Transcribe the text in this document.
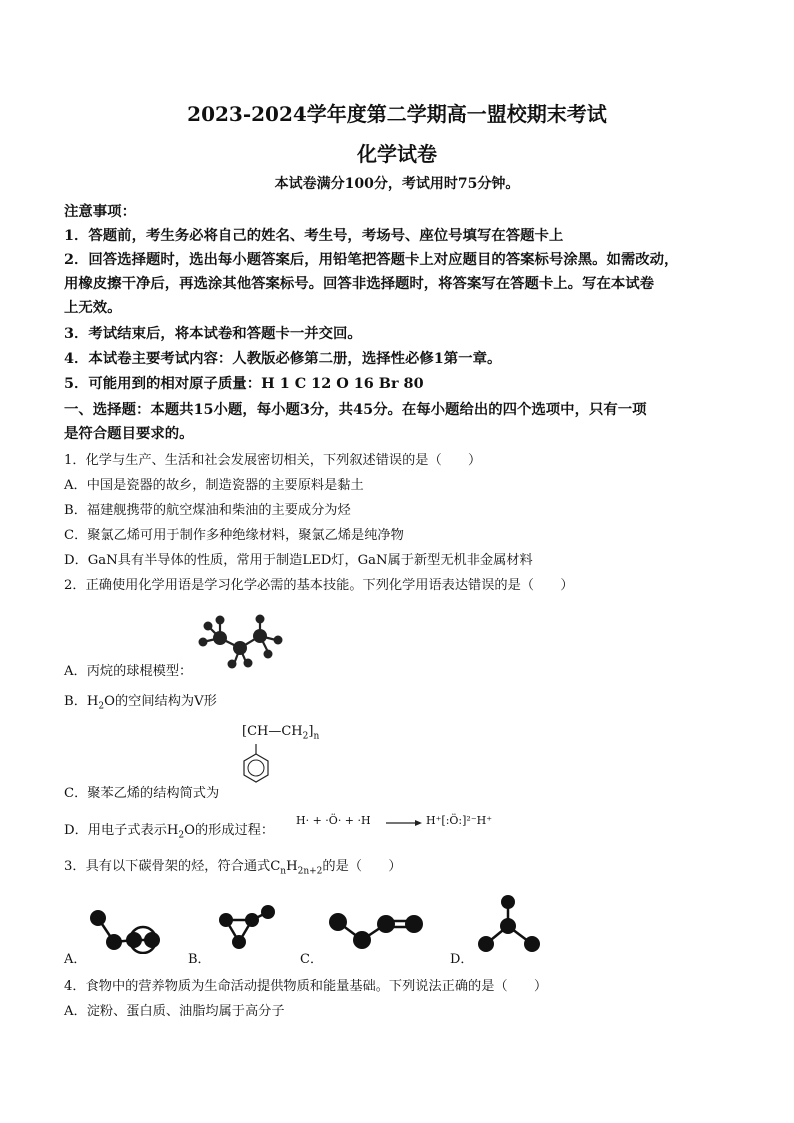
2023-2024学年度第二学期高一盟校期末考试
化学试卷
本试卷满分100分，考试用时75分钟。
注意事项：
1．答题前，考生务必将自己的姓名、考生号，考场号、座位号填写在答题卡上
2．回答选择题时，选出每小题答案后，用铅笔把答题卡上对应题目的答案标号涂黑。如需改动，
用橡皮擦干净后，再选涂其他答案标号。回答非选择题时，将答案写在答题卡上。写在本试卷
上无效。
3．考试结束后，将本试卷和答题卡一并交回。
4．本试卷主要考试内容：人教版必修第二册，选择性必修1第一章。
5．可能用到的相对原子质量：H 1 C 12 O 16 Br 80
一、选择题：本题共15小题，每小题3分，共45分。在每小题给出的四个选项中，只有一项
是符合题目要求的。
1．化学与生产、生活和社会发展密切相关，下列叙述错误的是（　　）
A．中国是瓷器的故乡，制造瓷器的主要原料是黏土
B．福建舰携带的航空煤油和柴油的主要成分为烃
C．聚氯乙烯可用于制作多种绝缘材料，聚氯乙烯是纯净物
D．GaN具有半导体的性质，常用于制造LED灯，GaN属于新型无机非金属材料
2．正确使用化学用语是学习化学必需的基本技能。下列化学用语表达错误的是（　　）
A．丙烷的球棍模型：
B．$H_2O$的空间结构为V形
$[CH—CH_2]_n$
C．聚苯乙烯的结构简式为
D．用电子式表示$H_2O$的形成过程：
H· + ·Ö· + ·H → H⁺[:Ö:]²⁻H⁺
3．具有以下碳骨架的烃，符合通式$C_nH_{2n+2}$的是（　　）
A．	B．	C．	D．
4．食物中的营养物质为生命活动提供物质和能量基础。下列说法正确的是（　　）
A．淀粉、蛋白质、油脂均属于高分子
